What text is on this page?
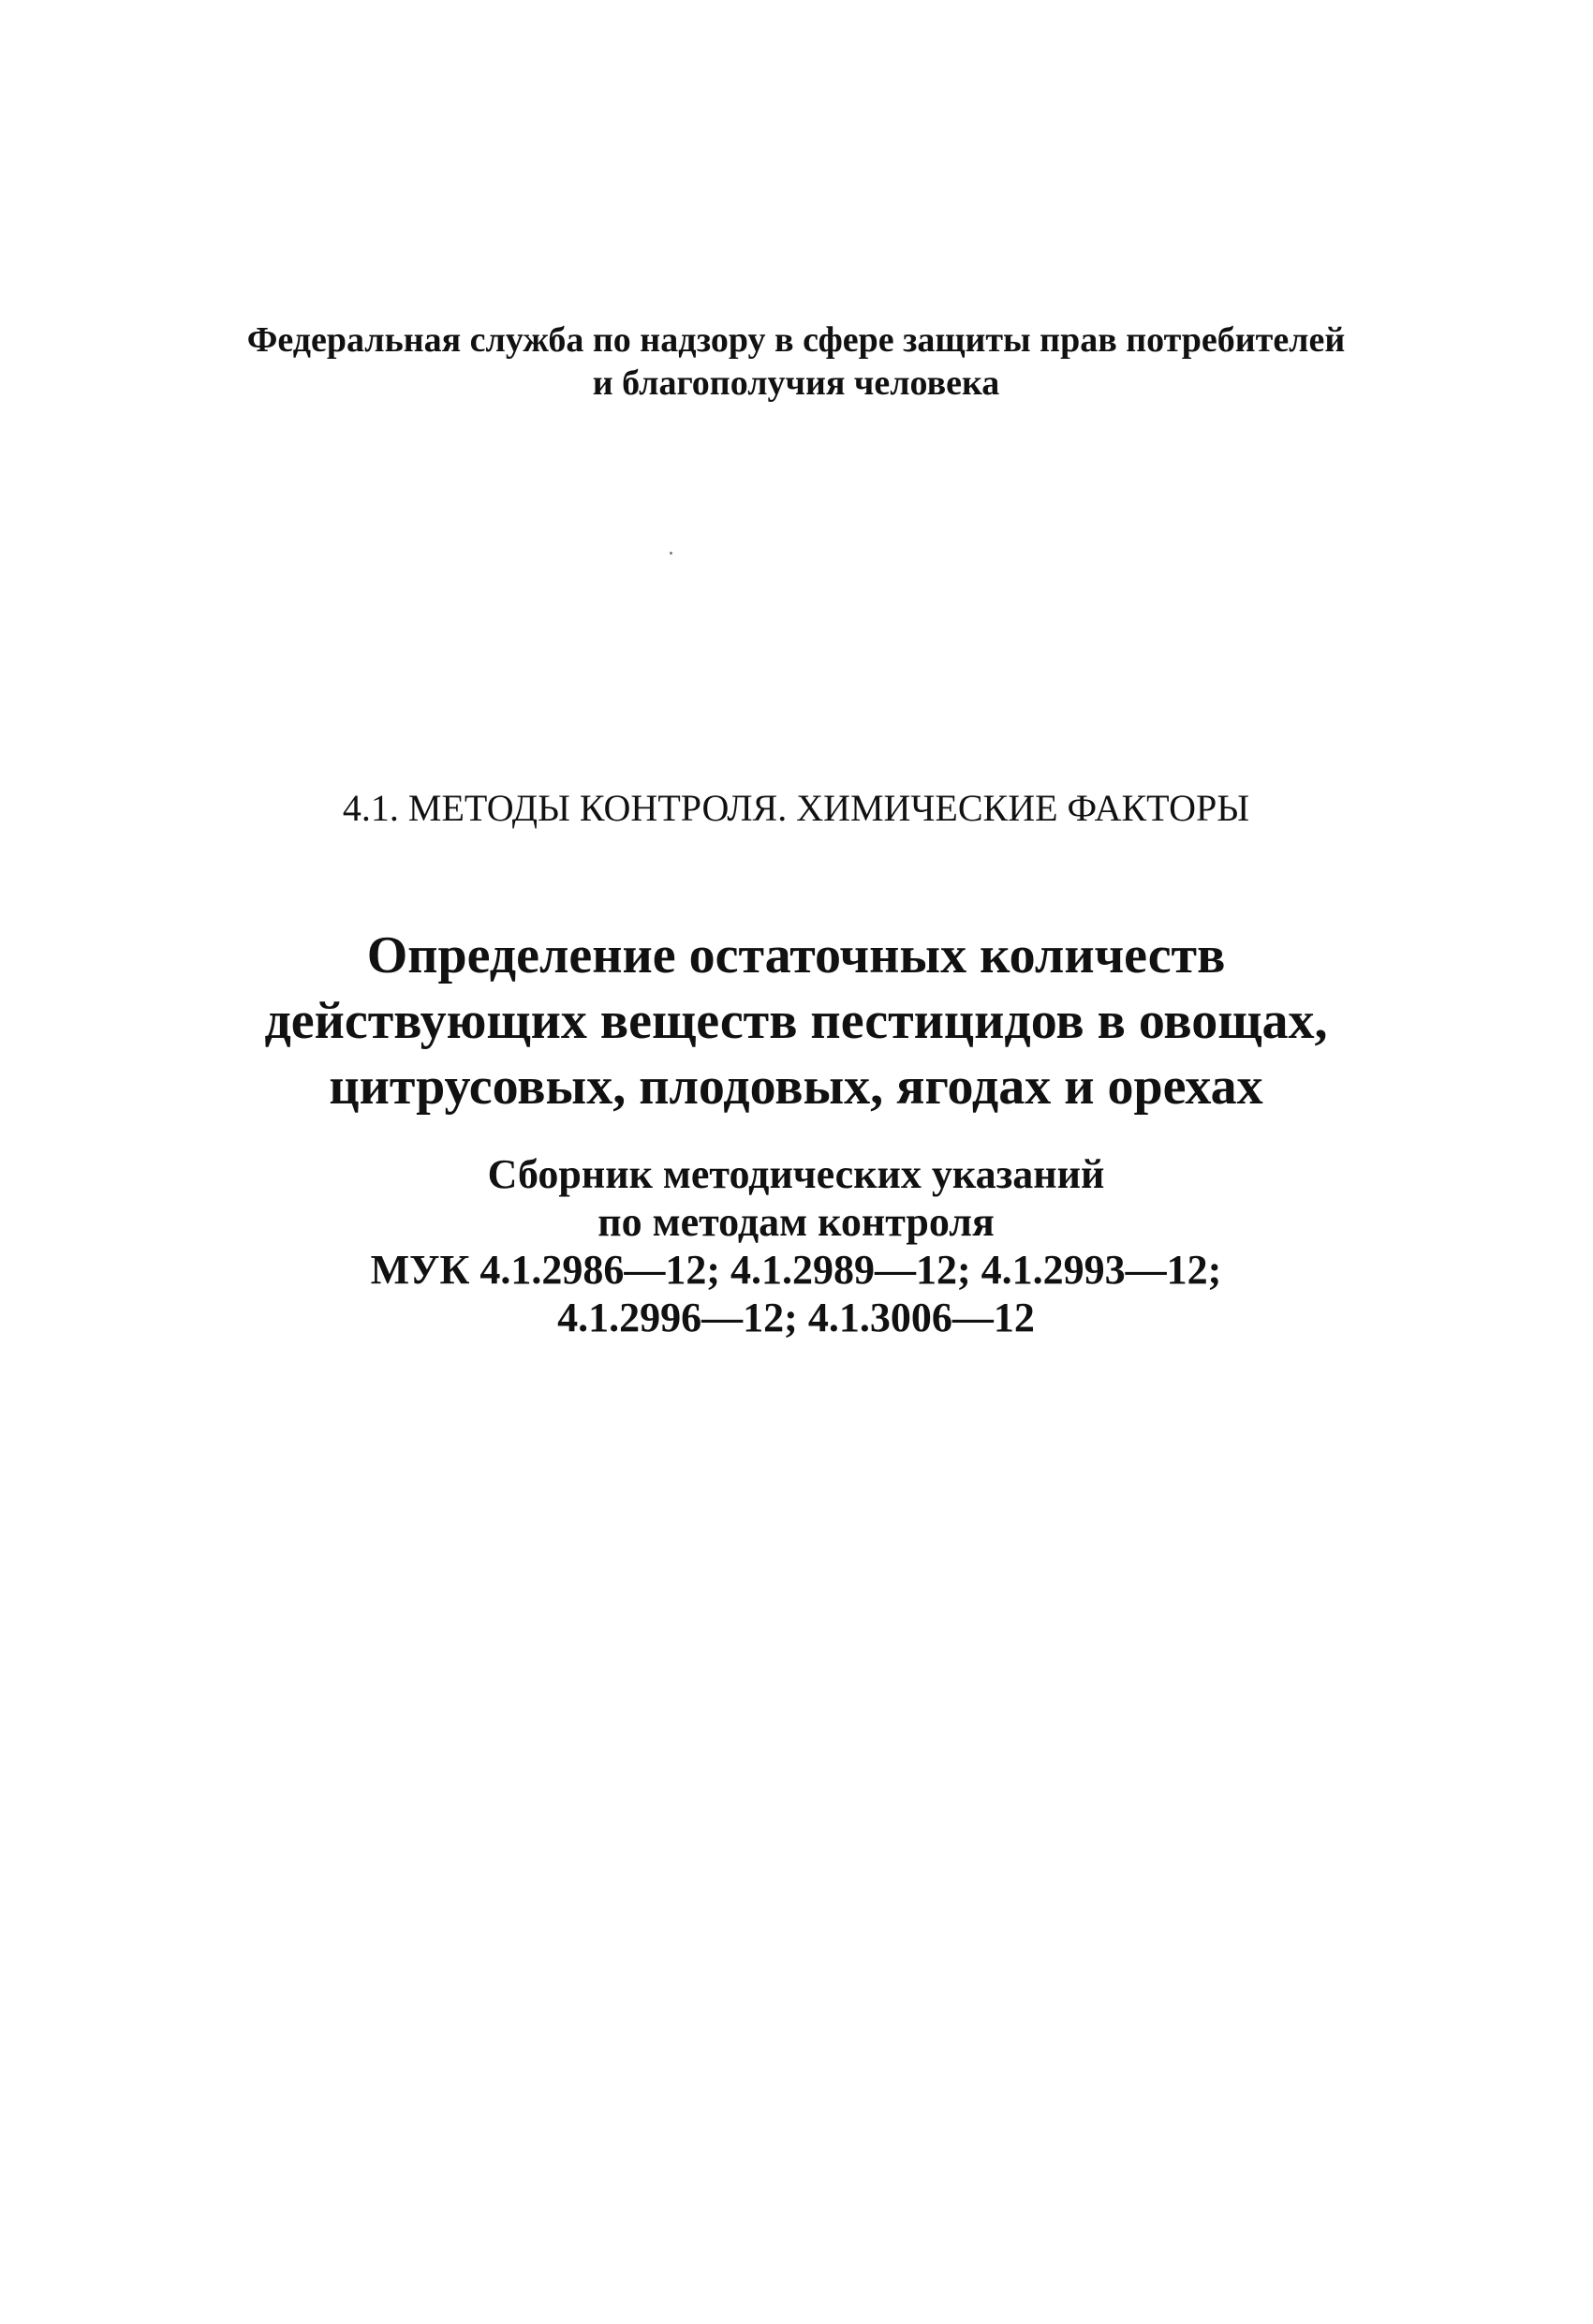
Федеральная служба по надзору в сфере защиты прав потребителей
и благополучия человека
4.1. МЕТОДЫ КОНТРОЛЯ. ХИМИЧЕСКИЕ ФАКТОРЫ
Определение остаточных количеств
действующих веществ пестицидов в овощах,
цитрусовых, плодовых, ягодах и орехах
Сборник методических указаний
по методам контроля
МУК 4.1.2986—12; 4.1.2989—12; 4.1.2993—12;
4.1.2996—12; 4.1.3006—12
